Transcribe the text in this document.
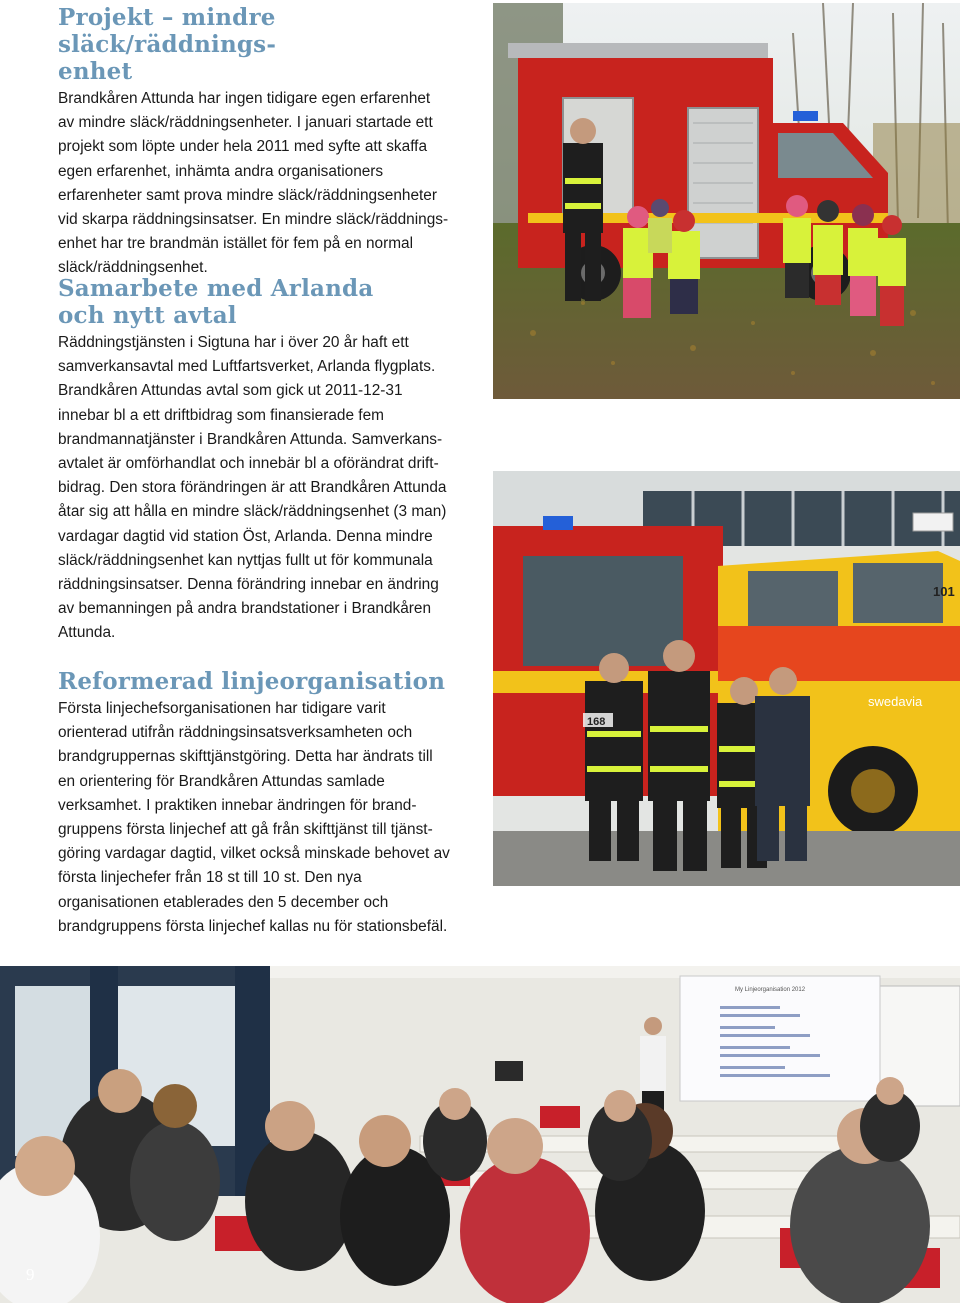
Projekt – mindre släck/räddnings-
enhet

Brandkåren Attunda har ingen tidigare egen erfarenhet
av mindre släck/räddningsenheter. I januari startade ett
projekt som löpte under hela 2011 med syfte att skaffa
egen erfarenhet, inhämta andra organisationers
erfarenheter samt prova mindre släck/räddningsenheter
vid skarpa räddningsinsatser. En mindre släck/räddnings-
enhet har tre brandmän istället för fem på en normal
släck/räddningsenhet.

Samarbete med Arlanda
och nytt avtal

Räddningstjänsten i Sigtuna har i över 20 år haft ett
samverkansavtal med Luftfartsverket, Arlanda flygplats.
Brandkåren Attundas avtal som gick ut 2011-12-31
innebar bl a ett driftbidrag som finansierade fem
brandmannatjänster i Brandkåren Attunda. Samverkans-
avtalet är omförhandlat och innebär bl a oförändrat drift-
bidrag. Den stora förändringen är att Brandkåren Attunda
åtar sig att hålla en mindre släck/räddningsenhet (3 man)
vardagar dagtid vid station Öst, Arlanda. Denna mindre
släck/räddningsenhet kan nyttjas fullt ut för kommunala
räddningsinsatser. Denna förändring innebar en ändring
av bemanningen på andra brandstationer i Brandkåren
Attunda.

Reformerad linjeorganisation

Första linjechefsorganisationen har tidigare varit
orienterad utifrån räddningsinsatsverksamheten och
brandgruppernas skifttjänstgöring. Detta har ändrats till
en orientering för Brandkåren Attundas samlade
verksamhet. I praktiken innebar ändringen för brand-
gruppens första linjechef att gå från skifttjänst till tjänst-
göring vardagar dagtid, vilket också minskade behovet av
första linjechefer från 18 st till 10 st. Den nya
organisationen etablerades den 5 december och
brandgruppens första linjechef kallas nu för stationsbefäl.

swedavia
101
168
My Linjeorganisation 2012
9
